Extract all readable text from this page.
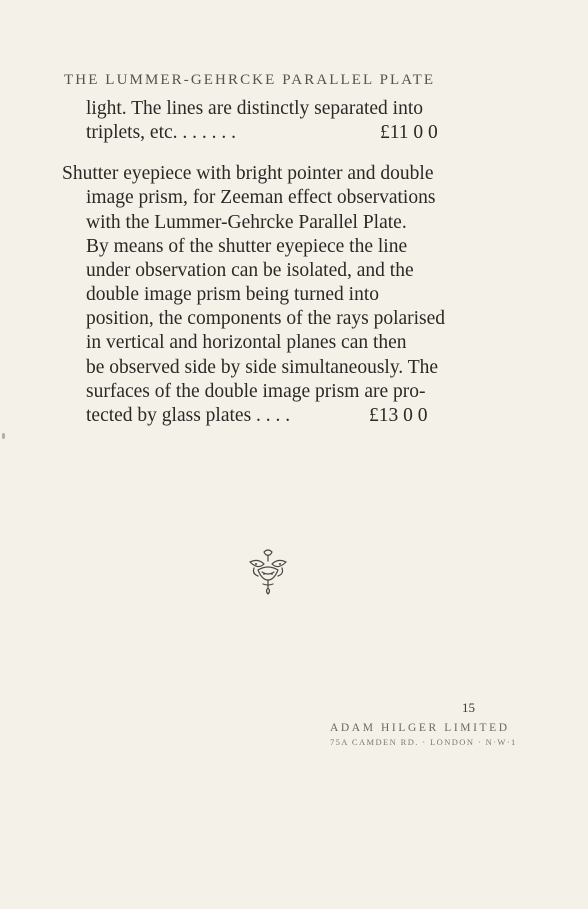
THE LUMMER-GEHRCKE PARALLEL PLATE
light. The lines are distinctly separated into
triplets, etc. . . . . . .	£11 0 0
Shutter eyepiece with bright pointer and double
image prism, for Zeeman effect observations
with the Lummer-Gehrcke Parallel Plate.
By means of the shutter eyepiece the line
under observation can be isolated, and the
double image prism being turned into
position, the components of the rays polarised
in vertical and horizontal planes can then
be observed side by side simultaneously. The
surfaces of the double image prism are pro-
tected by glass plates . . . .	£13 0 0
15
ADAM HILGER LIMITED
75A CAMDEN RD. · LONDON · N·W·1
